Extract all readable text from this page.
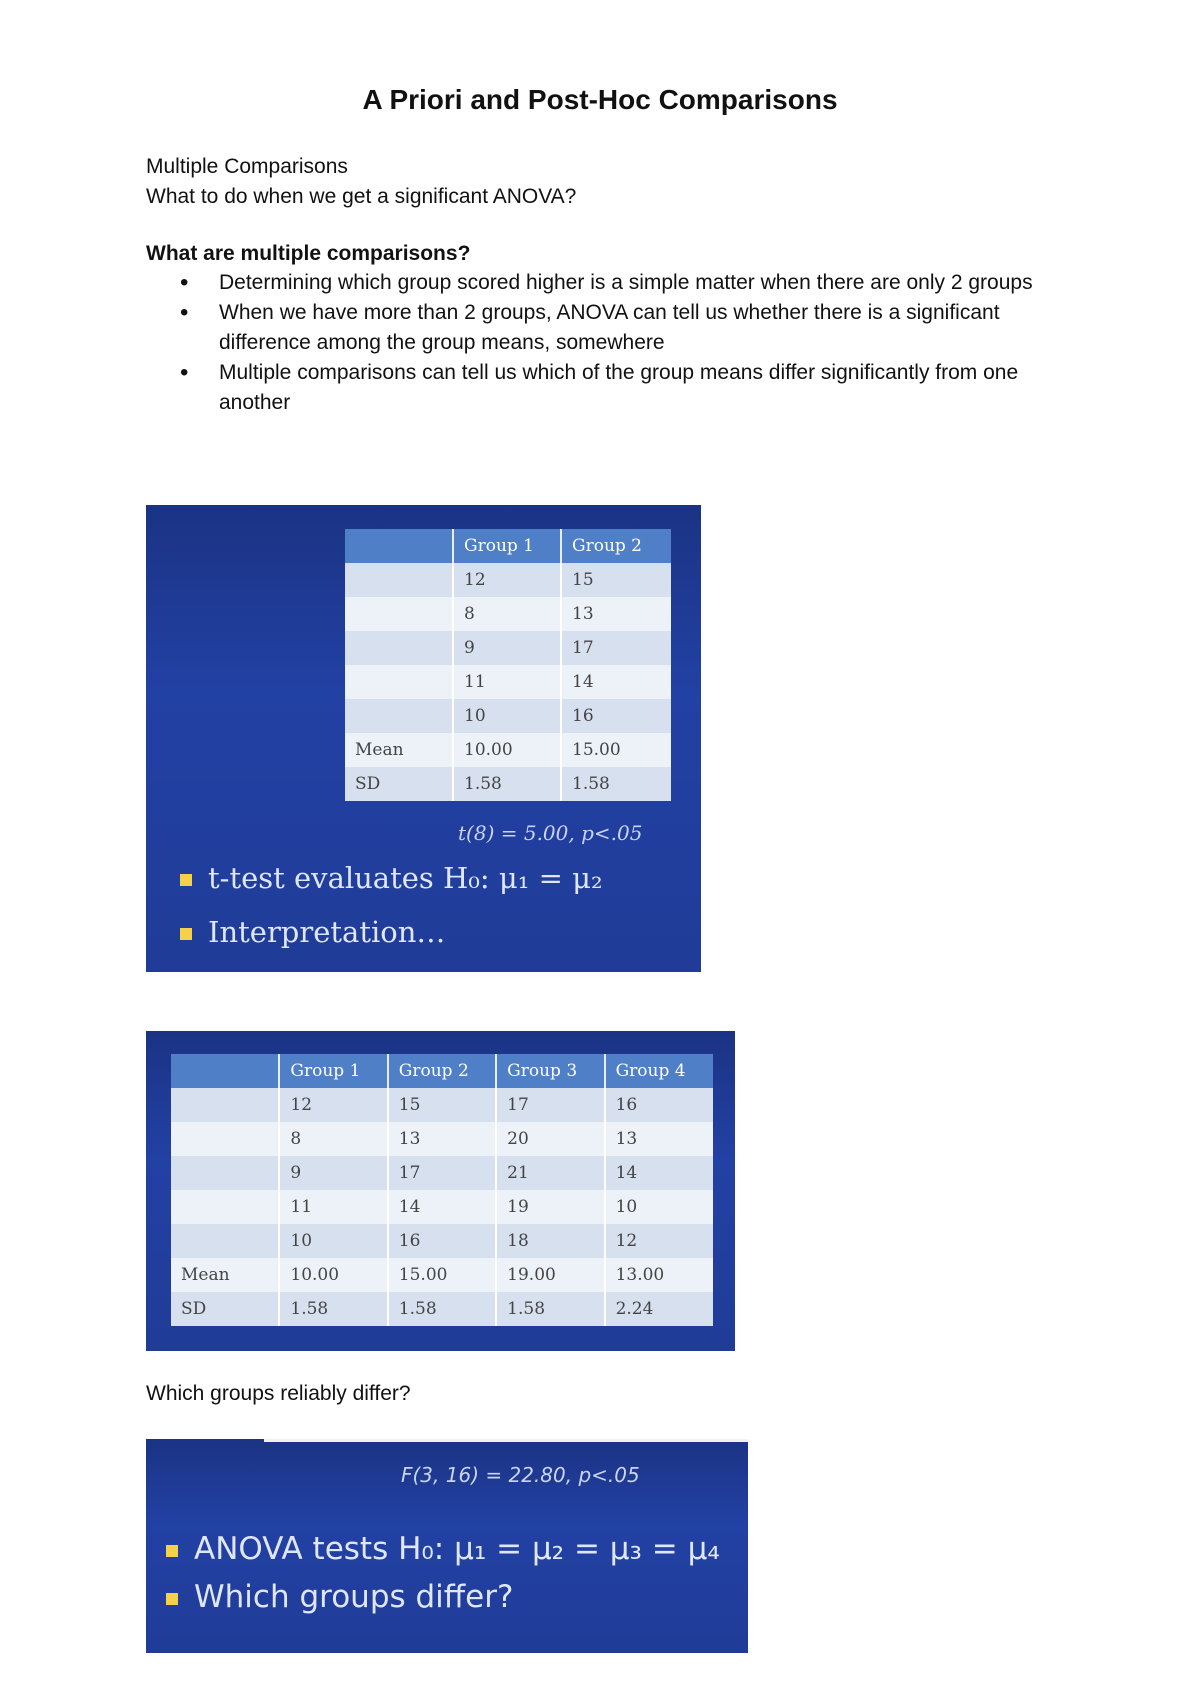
A Priori and Post-Hoc Comparisons

Multiple Comparisons

What to do when we get a significant ANOVA?

What are multiple comparisons?
• Determining which group scored higher is a simple matter when there are only 2 groups
• When we have more than 2 groups, ANOVA can tell us whether there is a significant difference among the group means, somewhere
• Multiple comparisons can tell us which of the group means differ significantly from one another
	Group 1	Group 2
	12	15
	8	13
	9	17
	11	14
	10	16
Mean	10.00	15.00
SD	1.58	1.58
t(8) = 5.00, p<.05
t-test evaluates H₀: μ₁ = μ₂
Interpretation…
	Group 1	Group 2	Group 3	Group 4
	12	15	17	16
	8	13	20	13
	9	17	21	14
	11	14	19	10
	10	16	18	12
Mean	10.00	15.00	19.00	13.00
SD	1.58	1.58	1.58	2.24

Which groups reliably differ?

F(3, 16) = 22.80, p<.05
ANOVA tests H₀: μ₁ = μ₂ = μ₃ = μ₄
Which groups differ?
